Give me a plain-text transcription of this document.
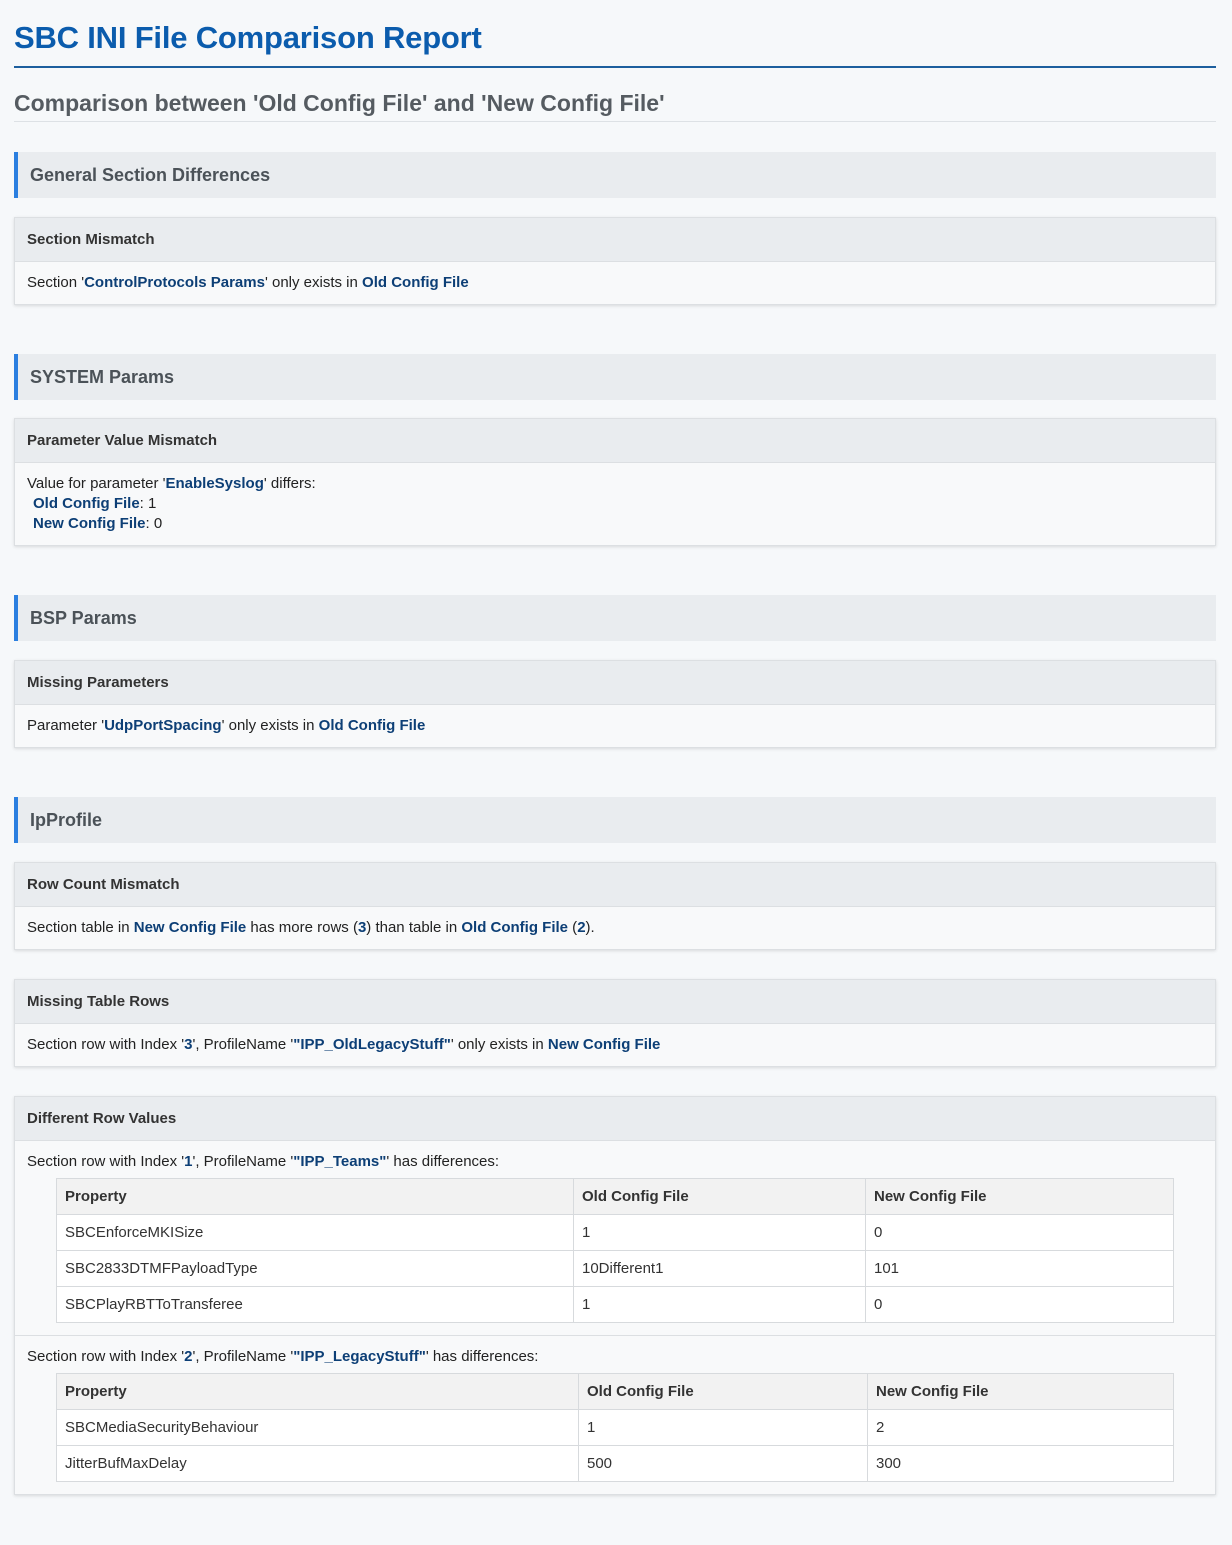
SBC INI File Comparison Report
Comparison between 'Old Config File' and 'New Config File'
General Section Differences
Section Mismatch
Section 'ControlProtocols Params' only exists in Old Config File
SYSTEM Params
Parameter Value Mismatch
Value for parameter 'EnableSyslog' differs:
Old Config File: 1
New Config File: 0
BSP Params
Missing Parameters
Parameter 'UdpPortSpacing' only exists in Old Config File
IpProfile
Row Count Mismatch
Section table in New Config File has more rows (3) than table in Old Config File (2).
Missing Table Rows
Section row with Index '3', ProfileName '"IPP_OldLegacyStuff"' only exists in New Config File
Different Row Values
Section row with Index '1', ProfileName '"IPP_Teams"' has differences:
Property	Old Config File	New Config File
SBCEnforceMKISize	1	0
SBC2833DTMFPayloadType	10Different1	101
SBCPlayRBTToTransferee	1	0
Section row with Index '2', ProfileName '"IPP_LegacyStuff"' has differences:
Property	Old Config File	New Config File
SBCMediaSecurityBehaviour	1	2
JitterBufMaxDelay	500	300
